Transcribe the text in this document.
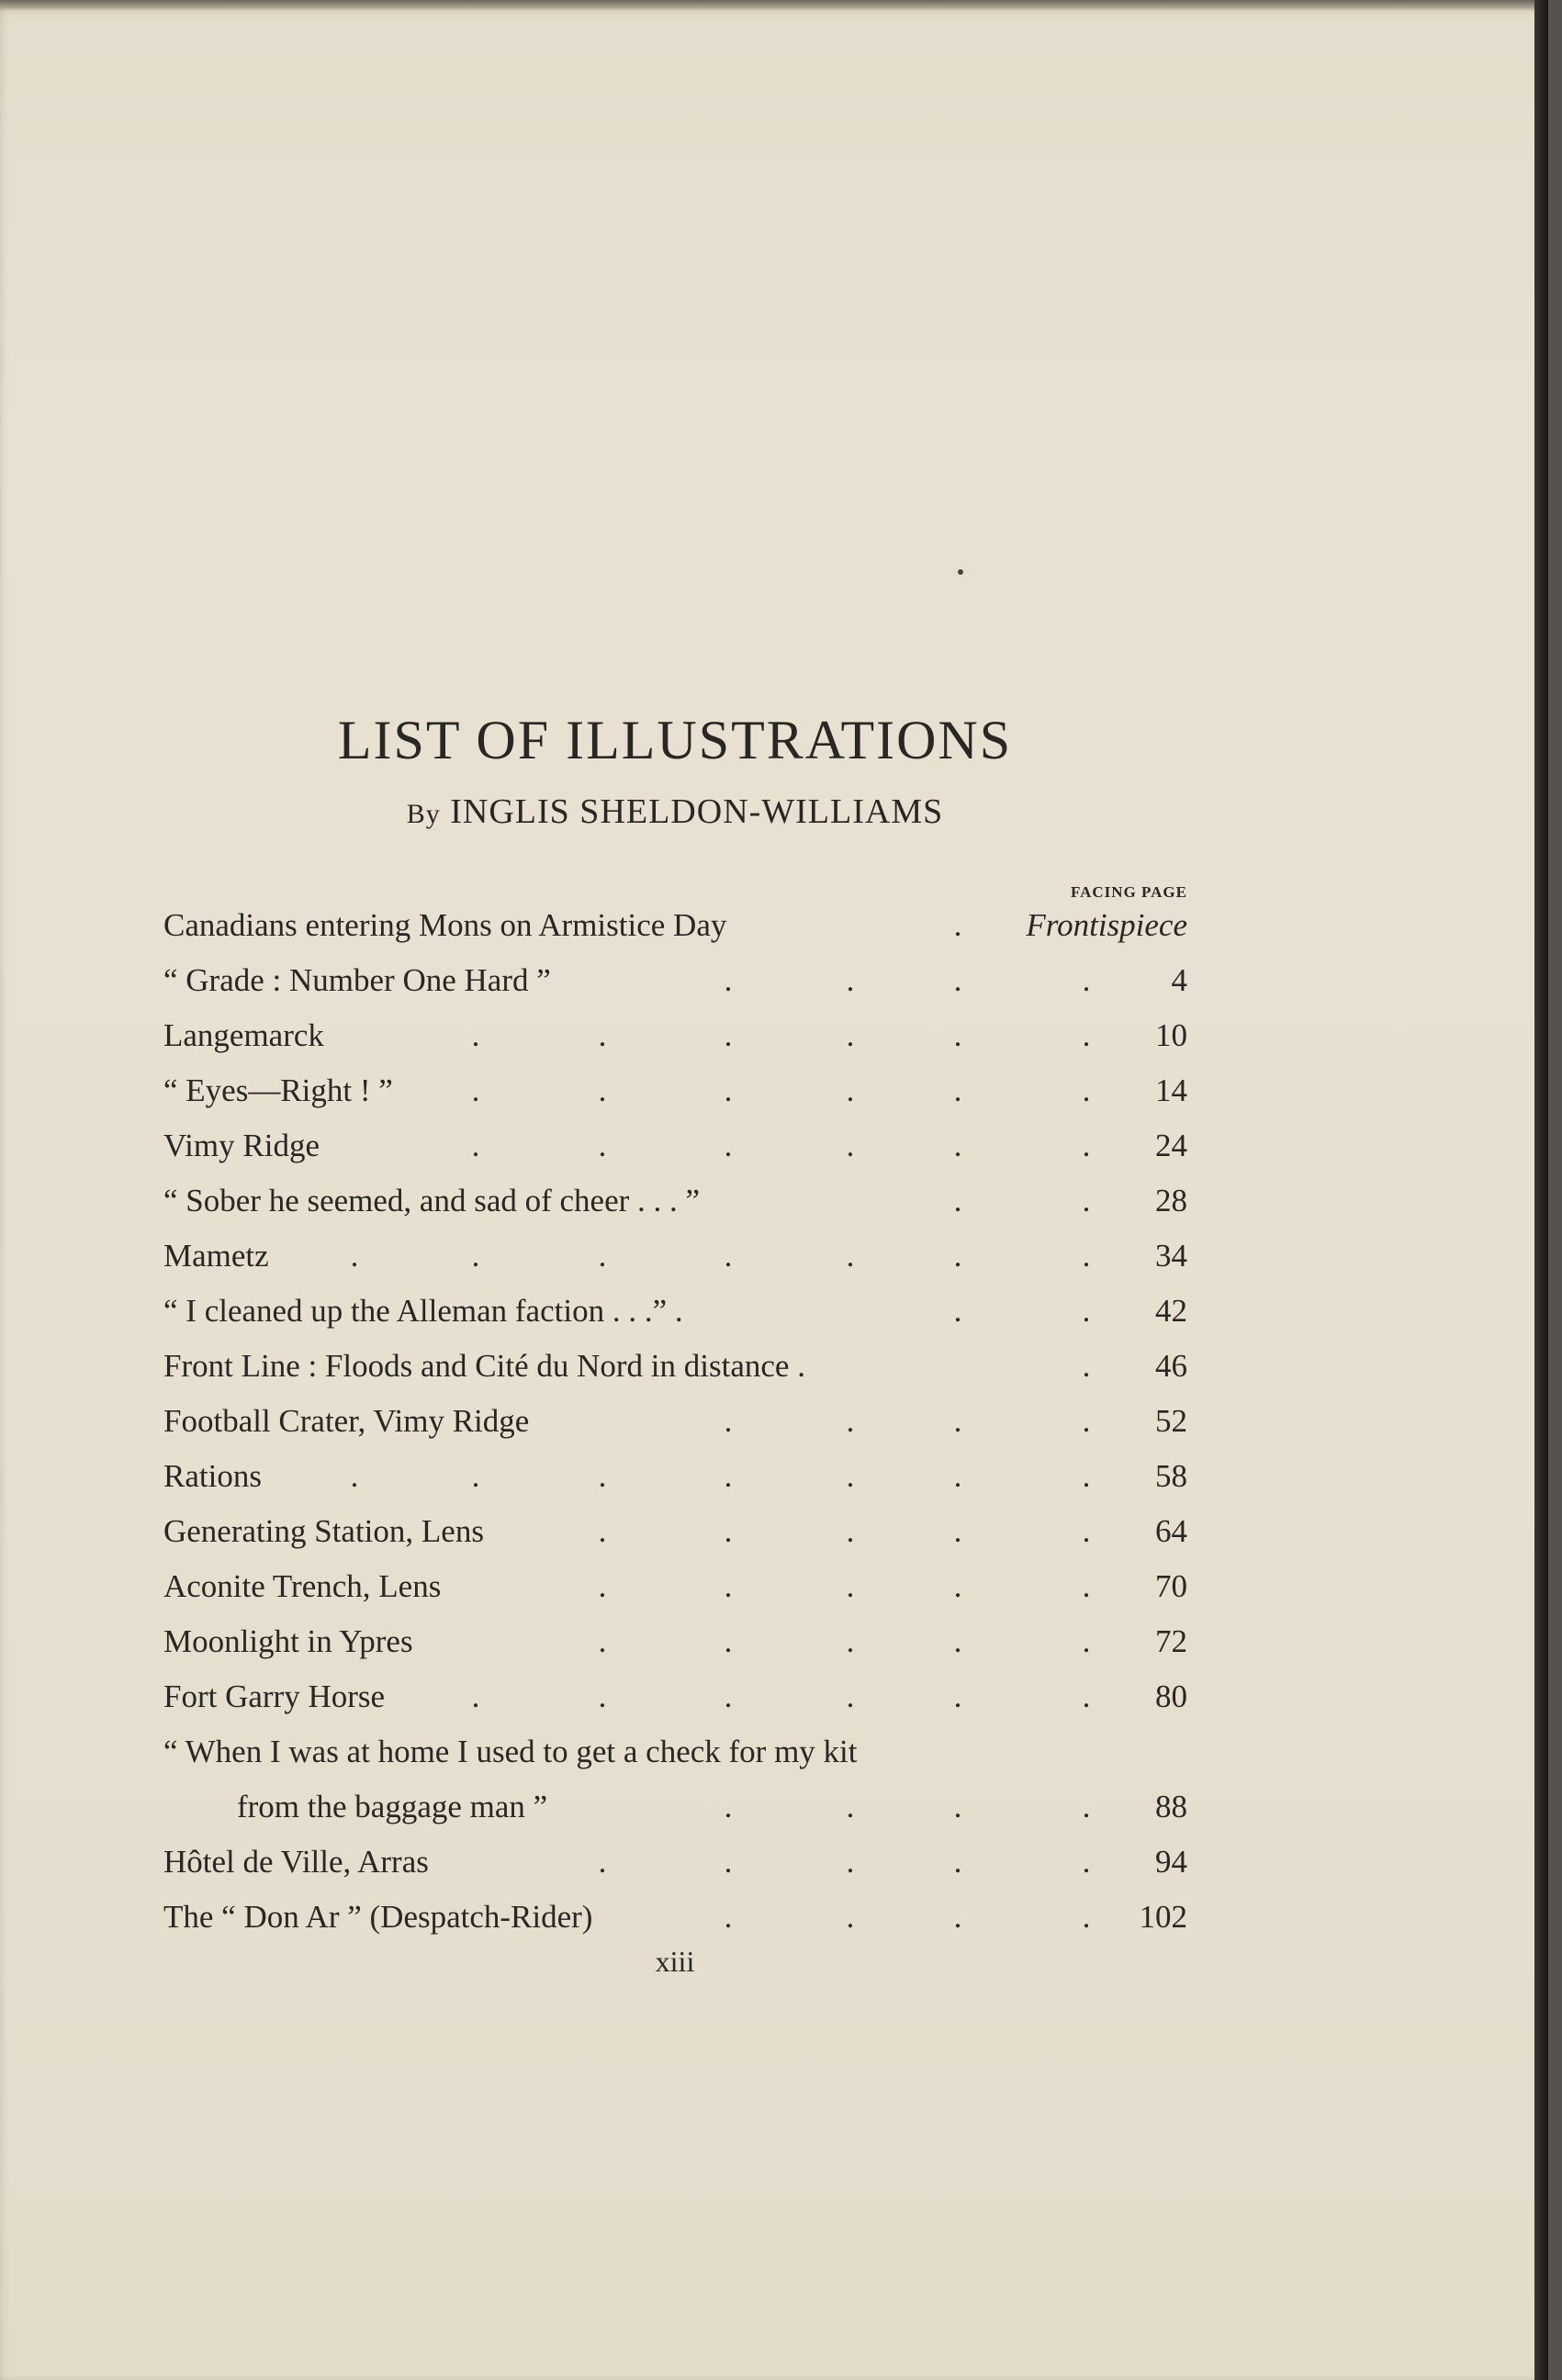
LIST OF ILLUSTRATIONS
By INGLIS SHELDON-WILLIAMS
FACING PAGE
Canadians entering Mons on Armistice Day	. Frontispiece
“ Grade : Number One Hard ”	.	.	.	.	4
Langemarck	.	.	.	.	.	. 10
“ Eyes—Right ! ” .	.	.	.	.	. 14
Vimy Ridge	.	.	.	.	.	. 24
“ Sober he seemed, and sad of cheer . . . ”	.	. 28
Mametz	.	.	.	.	.	.	. 34
“ I cleaned up the Alleman faction . . .” .	.	. 42
Front Line : Floods and Cité du Nord in distance .	. 46
Football Crater, Vimy Ridge	.	.	.	. 52
Rations	.	.	.	.	.	.	. 58
Generating Station, Lens	.	.	.	.	. 64
Aconite Trench, Lens	.	.	.	.	. 70
Moonlight in Ypres	.	.	.	.	. 72
Fort Garry Horse	.	.	.	.	.	. 80
“ When I was at home I used to get a check for my kit
from the baggage man ”	.	.	.	. 88
Hôtel de Ville, Arras	.	.	.	.	. 94
The “ Don Ar ” (Despatch-Rider)	.	.	.	. 102
xiii
